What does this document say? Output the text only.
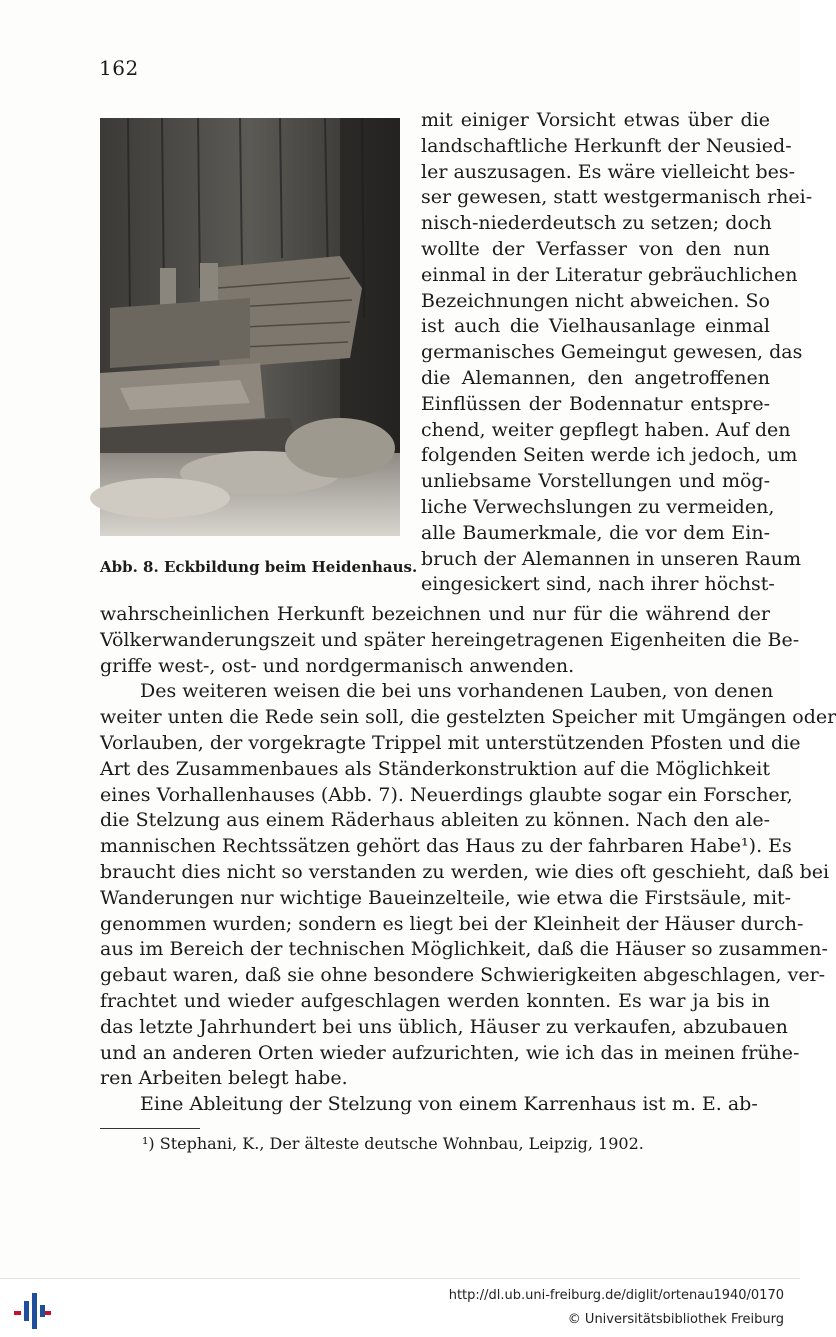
162
Abb. 8. Eckbildung beim Heidenhaus.
mit einiger Vorsicht etwas über die
landschaftliche Herkunft der Neusied-
ler auszusagen. Es wäre vielleicht bes-
ser gewesen, statt westgermanisch rhei-
nisch-niederdeutsch zu setzen; doch
wollte der Verfasser von den nun
einmal in der Literatur gebräuchlichen
Bezeichnungen nicht abweichen. So
ist auch die Vielhausanlage einmal
germanisches Gemeingut gewesen, das
die Alemannen, den angetroffenen
Einflüssen der Bodennatur entspre-
chend, weiter gepflegt haben. Auf den
folgenden Seiten werde ich jedoch, um
unliebsame Vorstellungen und mög-
liche Verwechslungen zu vermeiden,
alle Baumerkmale, die vor dem Ein-
bruch der Alemannen in unseren Raum
eingesickert sind, nach ihrer höchst-
wahrscheinlichen Herkunft bezeichnen und nur für die während der
Völkerwanderungszeit und später hereingetragenen Eigenheiten die Be-
griffe west-, ost- und nordgermanisch anwenden.
Des weiteren weisen die bei uns vorhandenen Lauben, von denen
weiter unten die Rede sein soll, die gestelzten Speicher mit Umgängen oder
Vorlauben, der vorgekragte Trippel mit unterstützenden Pfosten und die
Art des Zusammenbaues als Ständerkonstruktion auf die Möglichkeit
eines Vorhallenhauses (Abb. 7). Neuerdings glaubte sogar ein Forscher,
die Stelzung aus einem Räderhaus ableiten zu können. Nach den ale-
mannischen Rechtssätzen gehört das Haus zu der fahrbaren Habe¹). Es
braucht dies nicht so verstanden zu werden, wie dies oft geschieht, daß bei
Wanderungen nur wichtige Baueinzelteile, wie etwa die Firstsäule, mit-
genommen wurden; sondern es liegt bei der Kleinheit der Häuser durch-
aus im Bereich der technischen Möglichkeit, daß die Häuser so zusammen-
gebaut waren, daß sie ohne besondere Schwierigkeiten abgeschlagen, ver-
frachtet und wieder aufgeschlagen werden konnten. Es war ja bis in
das letzte Jahrhundert bei uns üblich, Häuser zu verkaufen, abzubauen
und an anderen Orten wieder aufzurichten, wie ich das in meinen frühe-
ren Arbeiten belegt habe.
Eine Ableitung der Stelzung von einem Karrenhaus ist m. E. ab-
¹) Stephani, K., Der älteste deutsche Wohnbau, Leipzig, 1902.
http://dl.ub.uni-freiburg.de/diglit/ortenau1940/0170
© Universitätsbibliothek Freiburg
